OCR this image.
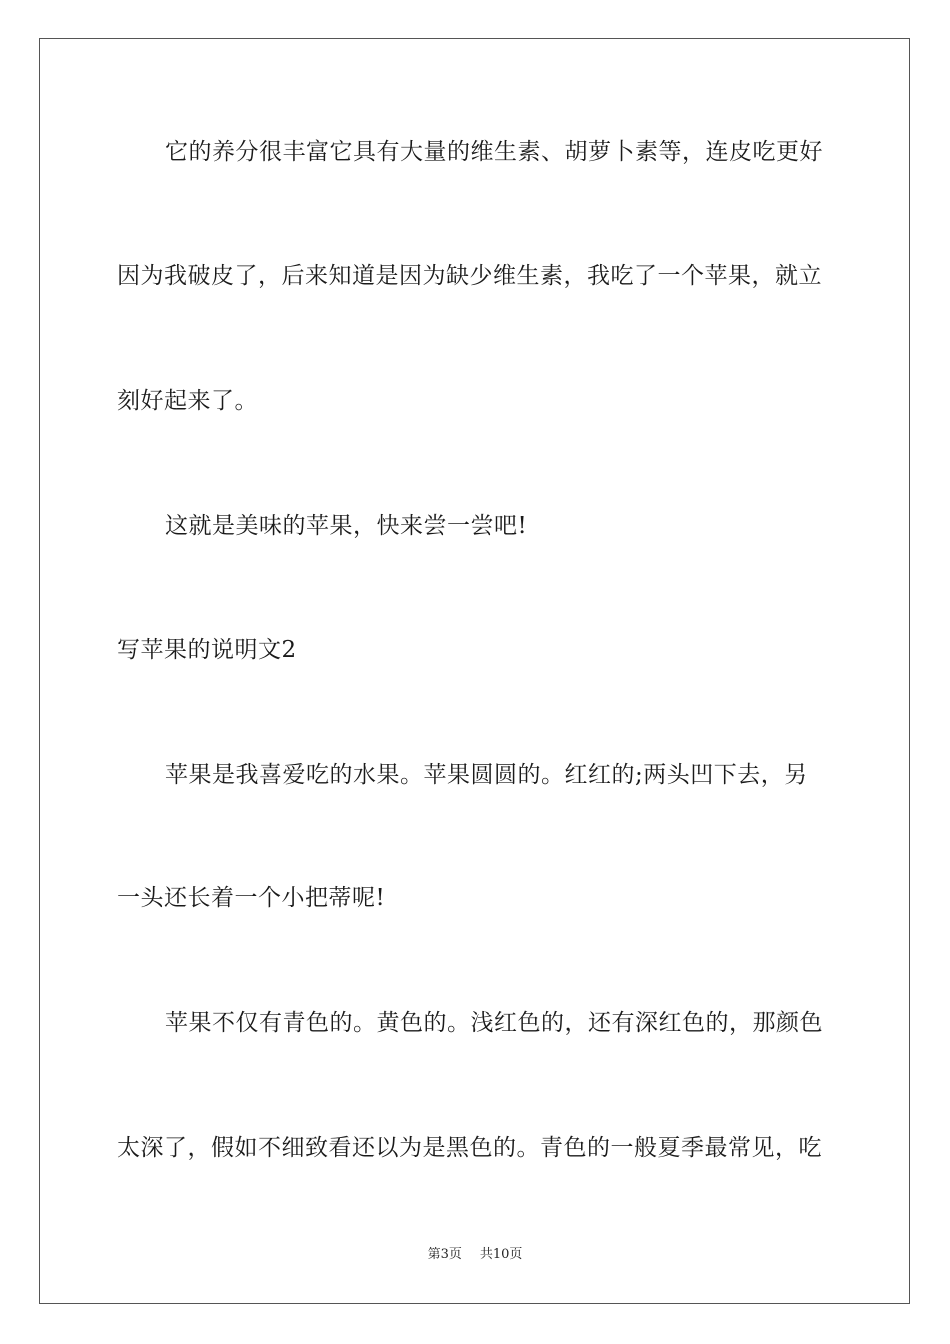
它的养分很丰富它具有大量的维生素、胡萝卜素等，连皮吃更好
因为我破皮了，后来知道是因为缺少维生素，我吃了一个苹果，就立
刻好起来了。
这就是美味的苹果，快来尝一尝吧!
写苹果的说明文2
苹果是我喜爱吃的水果。苹果圆圆的。红红的;两头凹下去，另
一头还长着一个小把蒂呢!
苹果不仅有青色的。黄色的。浅红色的，还有深红色的，那颜色
太深了，假如不细致看还以为是黑色的。青色的一般夏季最常见，吃
第3页 共10页
